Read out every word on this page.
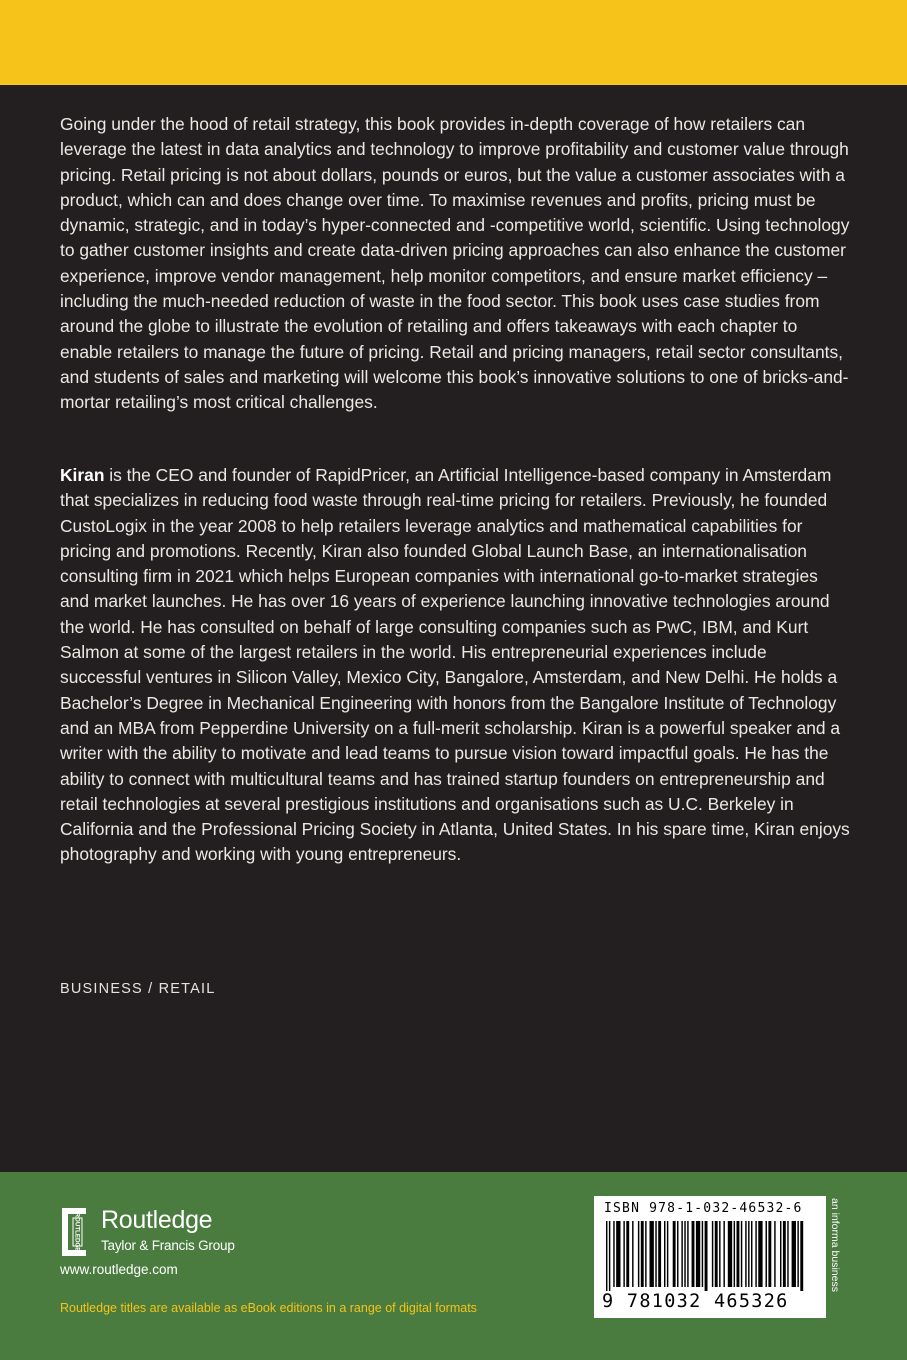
Going under the hood of retail strategy, this book provides in-depth coverage of how retailers can leverage the latest in data analytics and technology to improve profitability and customer value through pricing. Retail pricing is not about dollars, pounds or euros, but the value a customer associates with a product, which can and does change over time. To maximise revenues and profits, pricing must be dynamic, strategic, and in today’s hyper-connected and -competitive world, scientific. Using technology to gather customer insights and create data-driven pricing approaches can also enhance the customer experience, improve vendor management, help monitor competitors, and ensure market efficiency – including the much-needed reduction of waste in the food sector. This book uses case studies from around the globe to illustrate the evolution of retailing and offers takeaways with each chapter to enable retailers to manage the future of pricing. Retail and pricing managers, retail sector consultants, and students of sales and marketing will welcome this book’s innovative solutions to one of bricks-and-mortar retailing’s most critical challenges.

Kiran is the CEO and founder of RapidPricer, an Artificial Intelligence-based company in Amsterdam that specializes in reducing food waste through real-time pricing for retailers. Previously, he founded CustoLogix in the year 2008 to help retailers leverage analytics and mathematical capabilities for pricing and promotions. Recently, Kiran also founded Global Launch Base, an internationalisation consulting firm in 2021 which helps European companies with international go-to-market strategies and market launches. He has over 16 years of experience launching innovative technologies around the world. He has consulted on behalf of large consulting companies such as PwC, IBM, and Kurt Salmon at some of the largest retailers in the world. His entrepreneurial experiences include successful ventures in Silicon Valley, Mexico City, Bangalore, Amsterdam, and New Delhi. He holds a Bachelor’s Degree in Mechanical Engineering with honors from the Bangalore Institute of Technology and an MBA from Pepperdine University on a full-merit scholarship. Kiran is a powerful speaker and a writer with the ability to motivate and lead teams to pursue vision toward impactful goals. He has the ability to connect with multicultural teams and has trained startup founders on entrepreneurship and retail technologies at several prestigious institutions and organisations such as U.C. Berkeley in California and the Professional Pricing Society in Atlanta, United States. In his spare time, Kiran enjoys photography and working with young entrepreneurs.

BUSINESS / RETAIL
ROUTLEDGE Routledge
Taylor & Francis Group
www.routledge.com
Routledge titles are available as eBook editions in a range of digital formats
ISBN 978-1-032-46532-6
9 781032 465326
an informa business
